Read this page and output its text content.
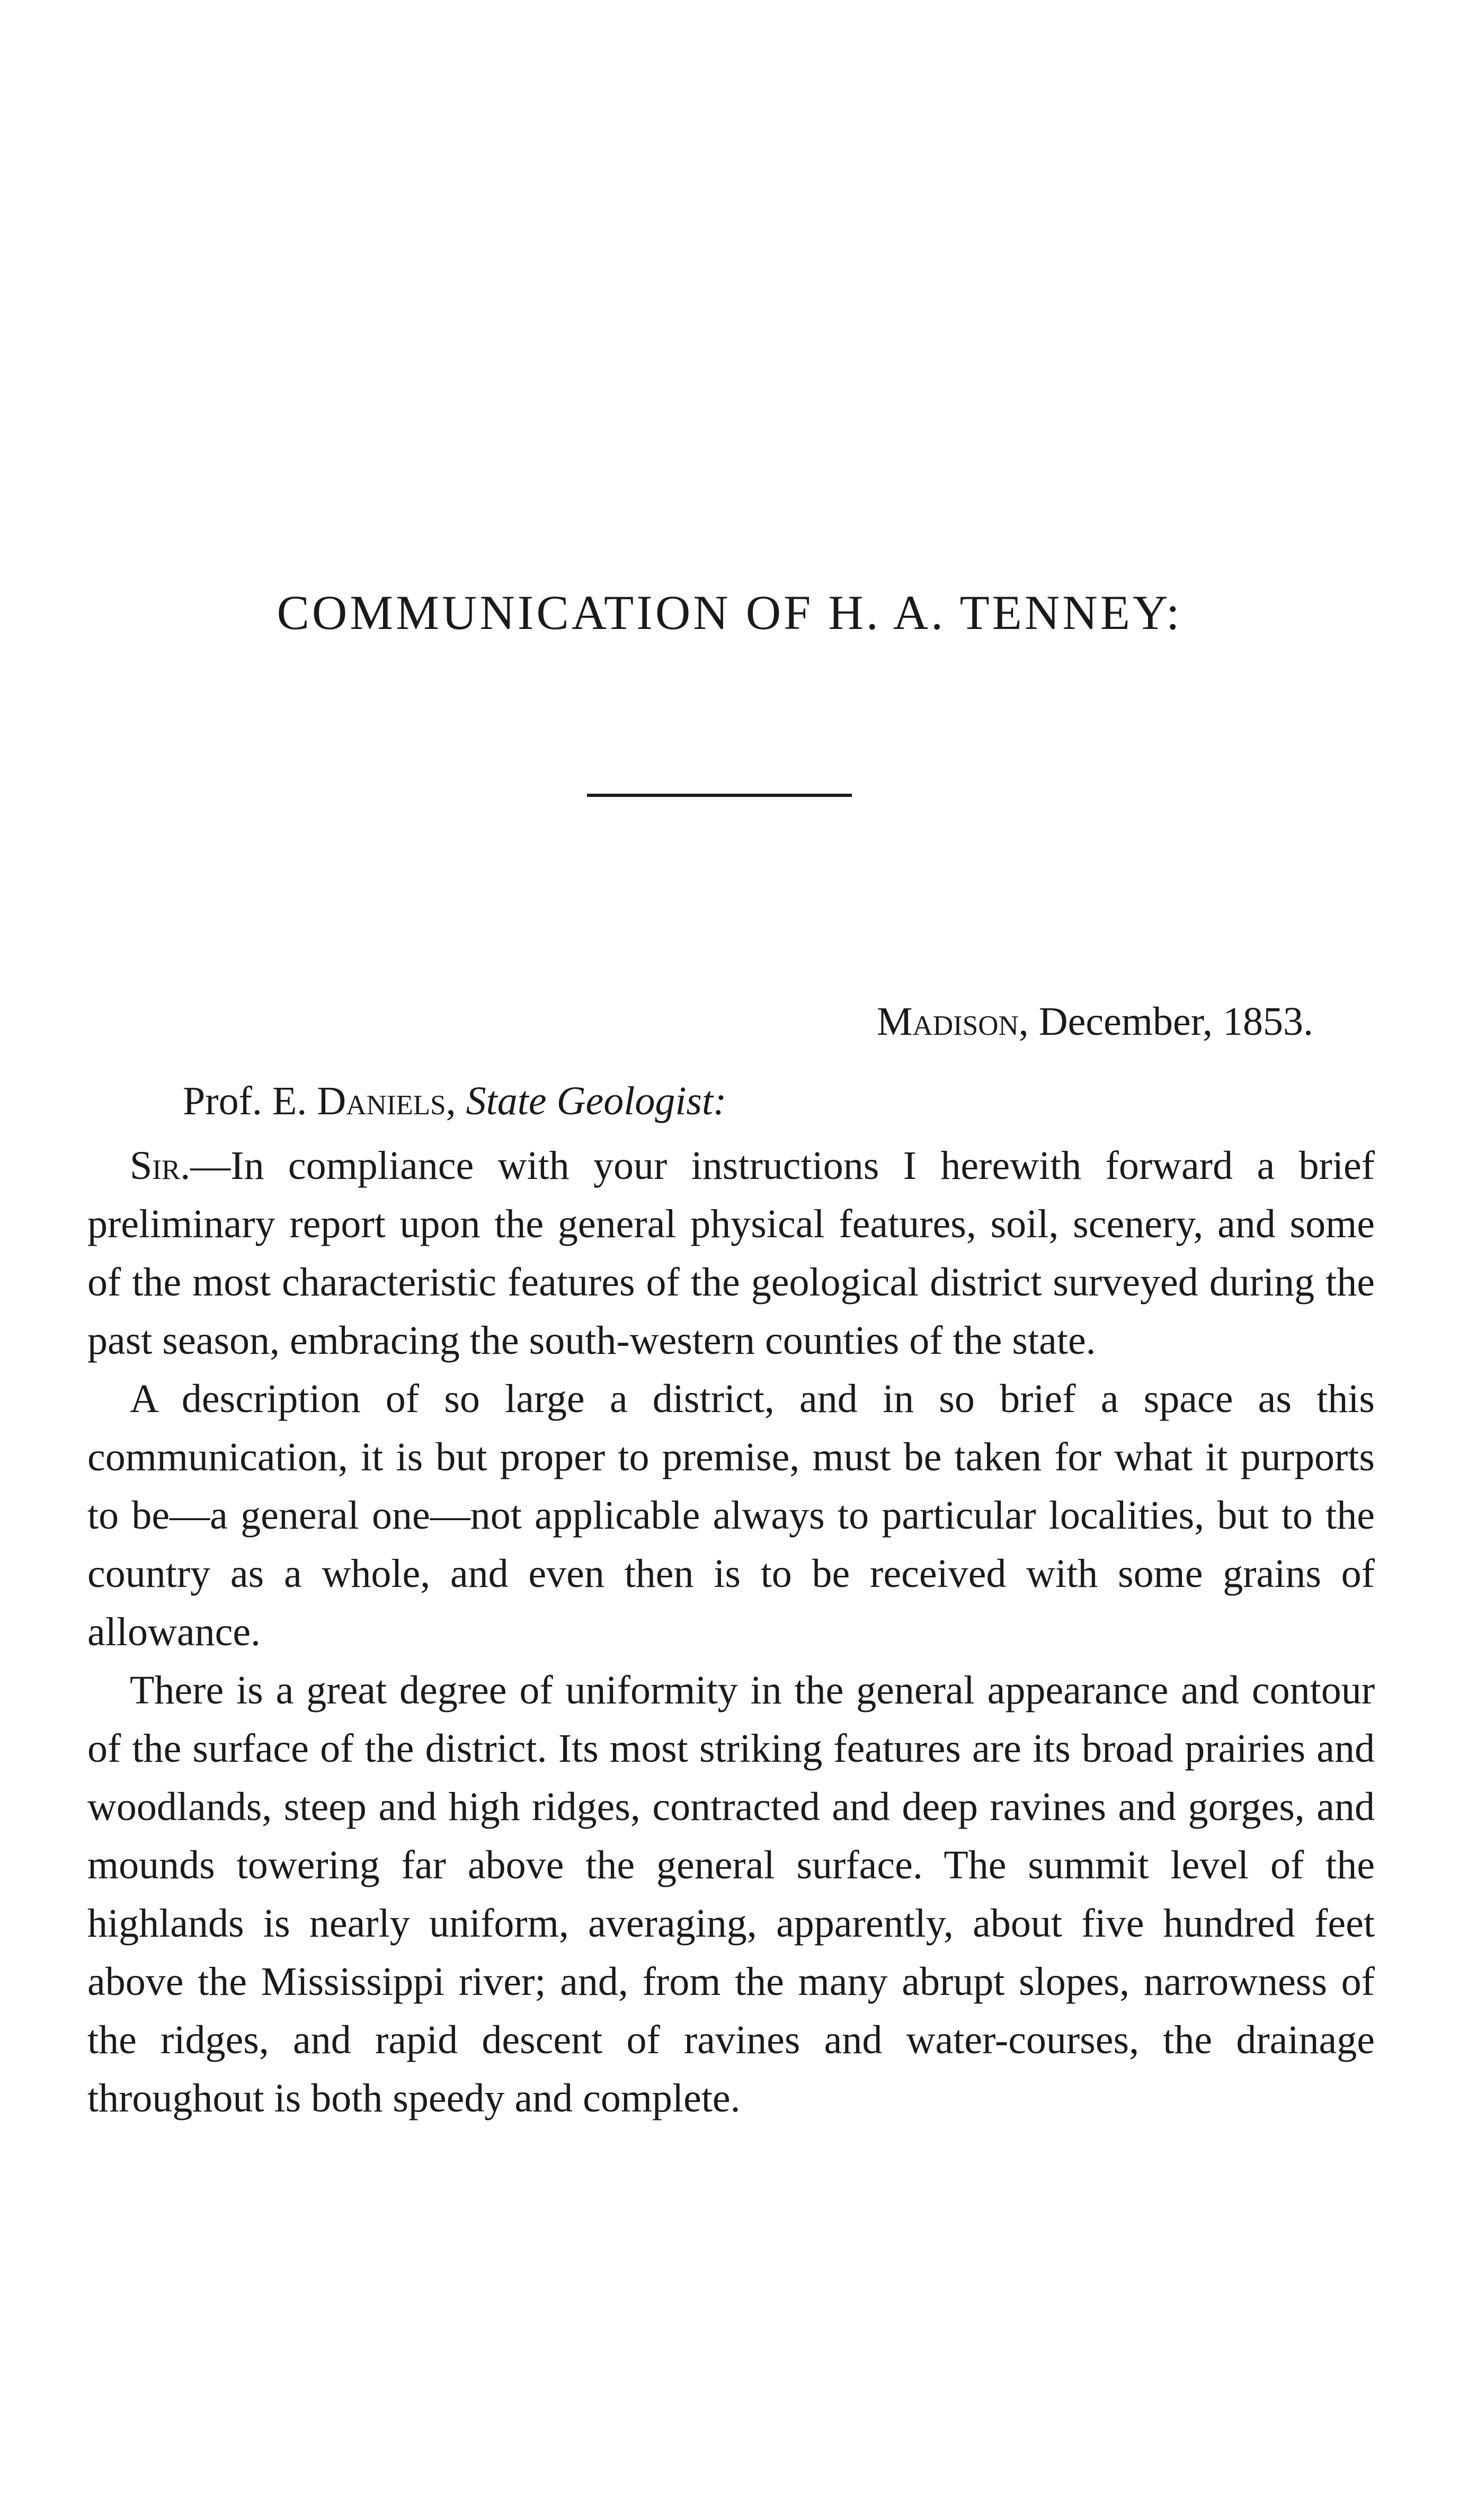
COMMUNICATION OF H. A. TENNEY:
Madison, December, 1853.
Prof. E. Daniels, State Geologist:

Sir.—In compliance with your instructions I herewith forward a brief preliminary report upon the general physical features, soil, scenery, and some of the most characteristic features of the geological district surveyed during the past season, embracing the south-western counties of the state.

A description of so large a district, and in so brief a space as this communication, it is but proper to premise, must be taken for what it purports to be—a general one—not applicable always to particular localities, but to the country as a whole, and even then is to be received with some grains of allowance.

There is a great degree of uniformity in the general appearance and contour of the surface of the district. Its most striking features are its broad prairies and woodlands, steep and high ridges, contracted and deep ravines and gorges, and mounds towering far above the general surface. The summit level of the highlands is nearly uniform, averaging, apparently, about five hundred feet above the Mississippi river; and, from the many abrupt slopes, narrowness of the ridges, and rapid descent of ravines and water-courses, the drainage throughout is both speedy and complete.
